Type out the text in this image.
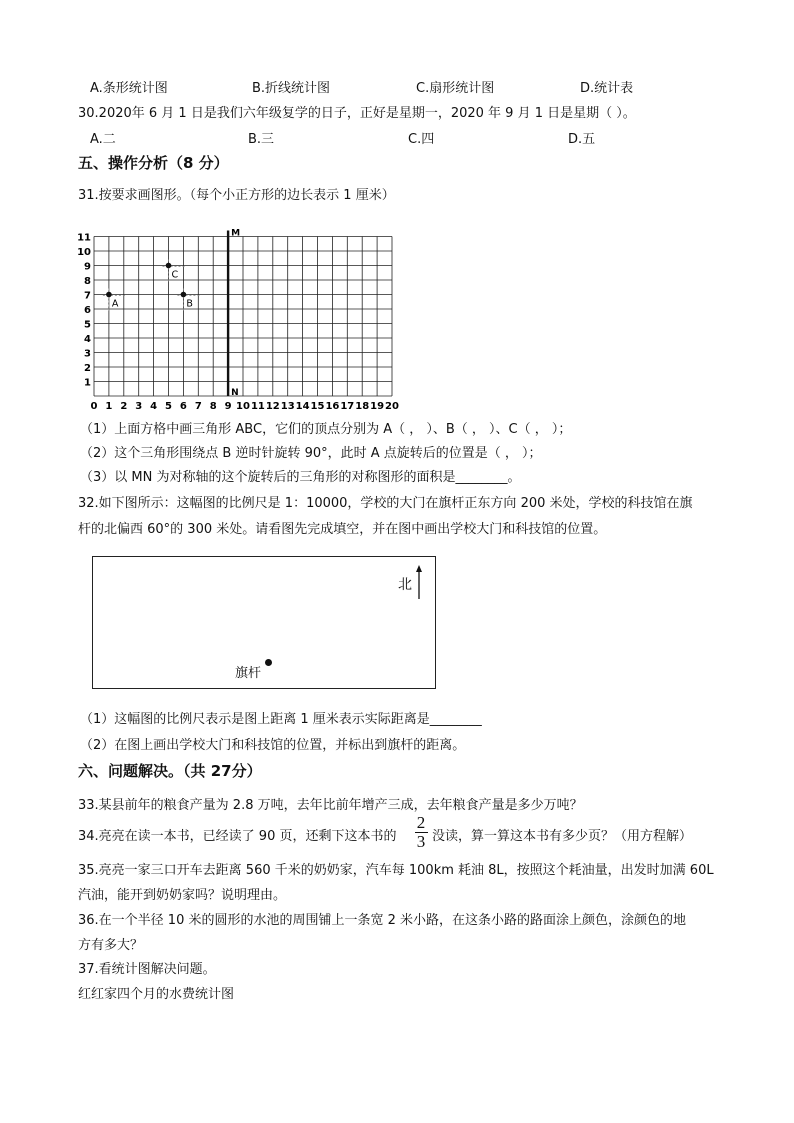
A.条形统计图	B.折线统计图	C.扇形统计图	D.统计表
30.2020年 6 月 1 日是我们六年级复学的日子，正好是星期一，2020 年 9 月 1 日是星期（ ）。
A.二	B.三	C.四	D.五
五、操作分析（8 分）
31.按要求画图形。（每个小正方形的边长表示 1 厘米）
0 1 2 3 4 5 6 7 8 9 10 11 12 13 14 15 16 17 18 19 20
1
2
3
4
5
6
7
8
9
10
11	M
N
A	B
C
（1）上面方格中画三角形 ABC，它们的顶点分别为 A（ ， ）、B（ ， ）、C（ ， ）；
（2）这个三角形围绕点 B 逆时针旋转 90°，此时 A 点旋转后的位置是（ ， ）；
（3）以 MN 为对称轴的这个旋转后的三角形的对称图形的面积是________。
32.如下图所示：这幅图的比例尺是 1：10000，学校的大门在旗杆正东方向 200 米处，学校的科技馆在旗
杆的北偏西 60°的 300 米处。请看图先完成填空，并在图中画出学校大门和科技馆的位置。
北
旗杆
（1）这幅图的比例尺表示是图上距离 1 厘米表示实际距离是________
（2）在图上画出学校大门和科技馆的位置，并标出到旗杆的距离。
六、问题解决。（共 27分）
33.某县前年的粮食产量为 2.8 万吨，去年比前年增产三成，去年粮食产量是多少万吨？
34.亮亮在读一本书，已经读了 90 页，还剩下这本书的
2
3 没读，算一算这本书有多少页？（用方程解）
35.亮亮一家三口开车去距离 560 千米的奶奶家，汽车每 100km 耗油 8L，按照这个耗油量，出发时加满 60L
汽油，能开到奶奶家吗？说明理由。
36.在一个半径 10 米的圆形的水池的周围铺上一条宽 2 米小路，在这条小路的路面涂上颜色，涂颜色的地
方有多大？
37.看统计图解决问题。
红红家四个月的水费统计图
